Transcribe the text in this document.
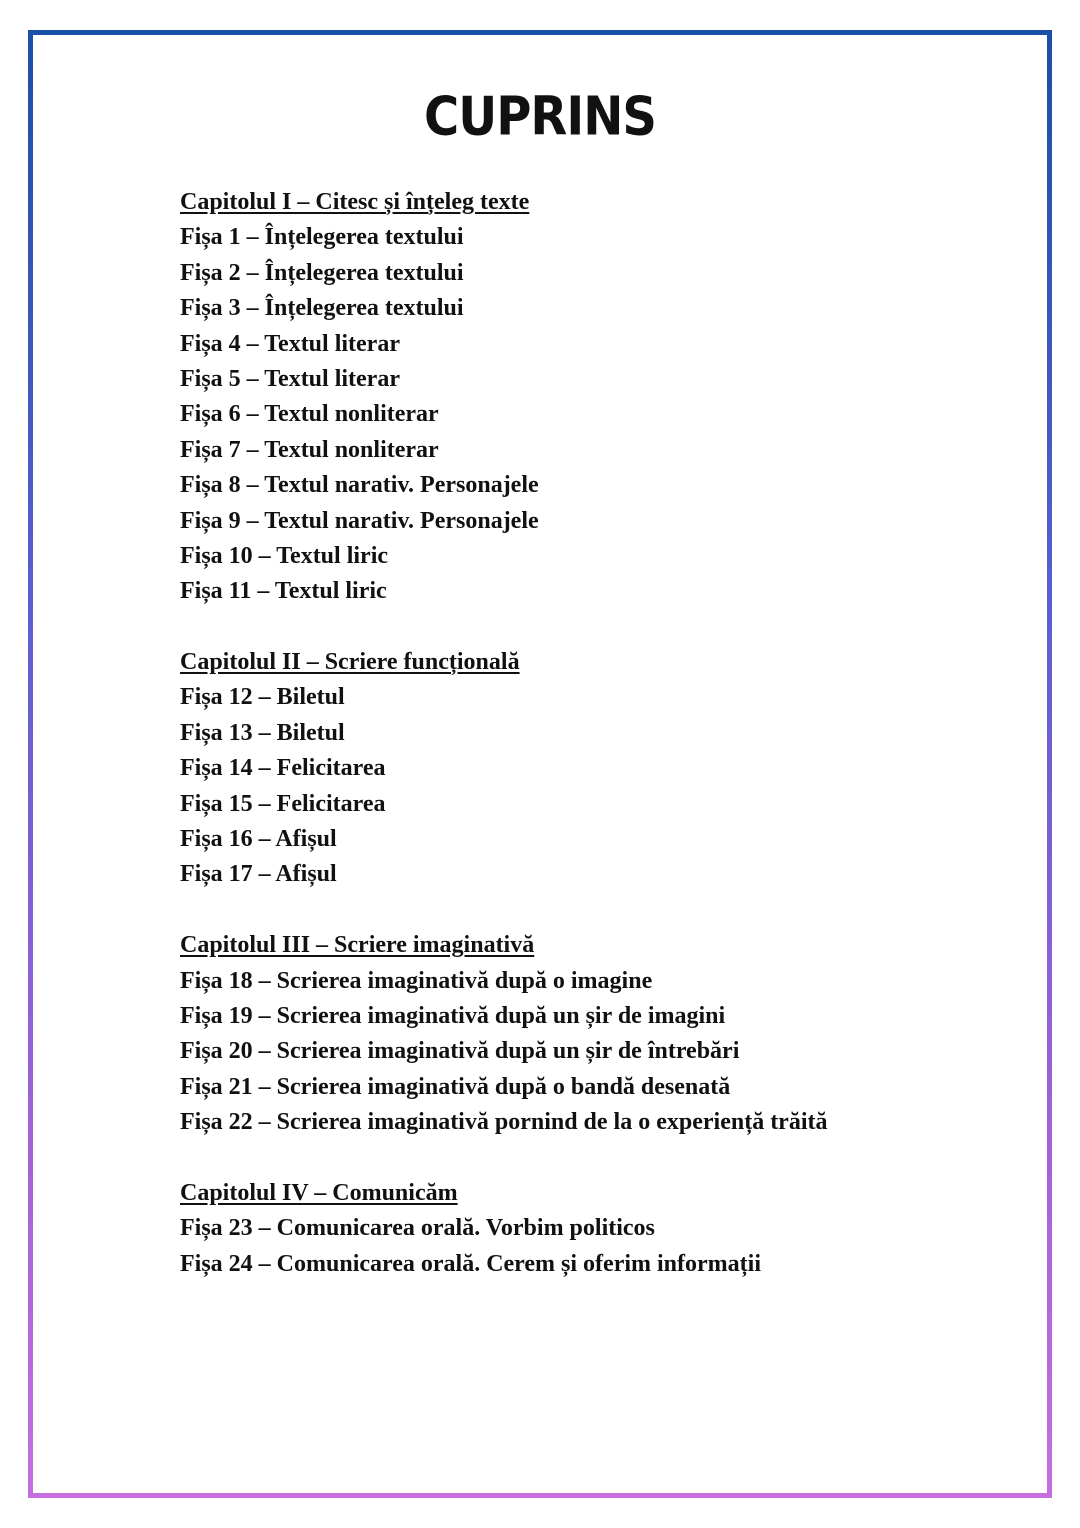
CUPRINS
Capitolul I – Citesc și înțeleg texte
Fișa 1 – Înțelegerea textului
Fișa 2 – Înțelegerea textului
Fișa 3 – Înțelegerea textului
Fișa 4 – Textul literar
Fișa 5 – Textul literar
Fișa 6 – Textul nonliterar
Fișa 7 – Textul nonliterar
Fișa 8 – Textul narativ. Personajele
Fișa 9 – Textul narativ. Personajele
Fișa 10 – Textul liric
Fișa 11 – Textul liric
Capitolul II – Scriere funcțională
Fișa 12 – Biletul
Fișa 13 – Biletul
Fișa 14 – Felicitarea
Fișa 15 – Felicitarea
Fișa 16 – Afișul
Fișa 17 – Afișul
Capitolul III – Scriere imaginativă
Fișa 18 – Scrierea imaginativă după o imagine
Fișa 19 – Scrierea imaginativă după un șir de imagini
Fișa 20 – Scrierea imaginativă după un șir de întrebări
Fișa 21 – Scrierea imaginativă după o bandă desenată
Fișa 22 – Scrierea imaginativă pornind de la o experiență trăită
Capitolul IV – Comunicăm
Fișa 23 – Comunicarea orală. Vorbim politicos
Fișa 24 – Comunicarea orală. Cerem și oferim informații
